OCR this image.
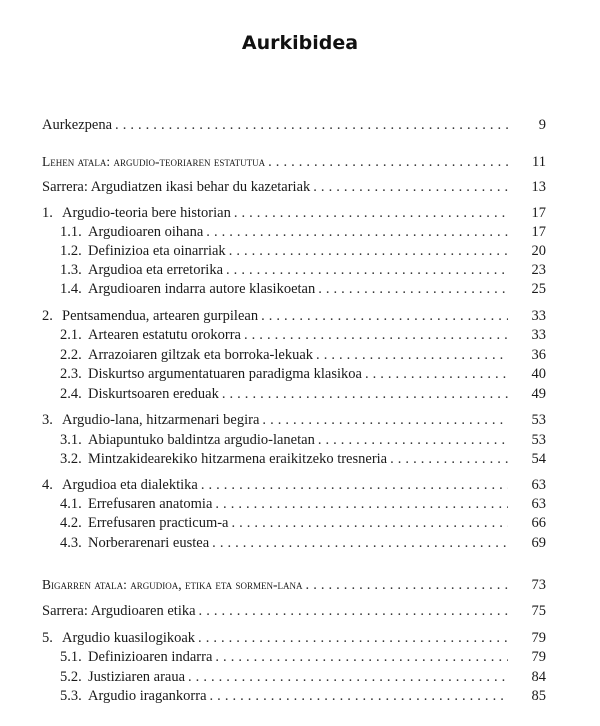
Aurkibidea
Aurkezpena . . .	9
Lehen atala: argudio-teoriaren estatutua . . .	11
Sarrera: Argudiatzen ikasi behar du kazetariak . . .	13
1. Argudio-teoria bere historian . . .	17
1.1. Argudioaren oihana . . .	17
1.2. Definizioa eta oinarriak . . .	20
1.3. Argudioa eta erretorika . . .	23
1.4. Argudioaren indarra autore klasikoetan . . .	25
2. Pentsamendua, artearen gurpilean . . .	33
2.1. Artearen estatutu orokorra . . .	33
2.2. Arrazoiaren giltzak eta borroka-lekuak . . .	36
2.3. Diskurtso argumentatuaren paradigma klasikoa . . .	40
2.4. Diskurtsoaren ereduak . . .	49
3. Argudio-lana, hitzarmenari begira . . .	53
3.1. Abiapuntuko baldintza argudio-lanetan . . .	53
3.2. Mintzakidearekiko hitzarmena eraikitzeko tresneria . . .	54
4. Argudioa eta dialektika . . .	63
4.1. Errefusaren anatomia . . .	63
4.2. Errefusaren practicum-a . . .	66
4.3. Norberarenari eustea . . .	69
Bigarren atala: argudioa, etika eta sormen-lana . . .	73
Sarrera: Argudioaren etika . . .	75
5. Argudio kuasilogikoak . . .	79
5.1. Definizioaren indarra . . .	79
5.2. Justiziaren araua . . .	84
5.3. Argudio iragankorra . . .	85
